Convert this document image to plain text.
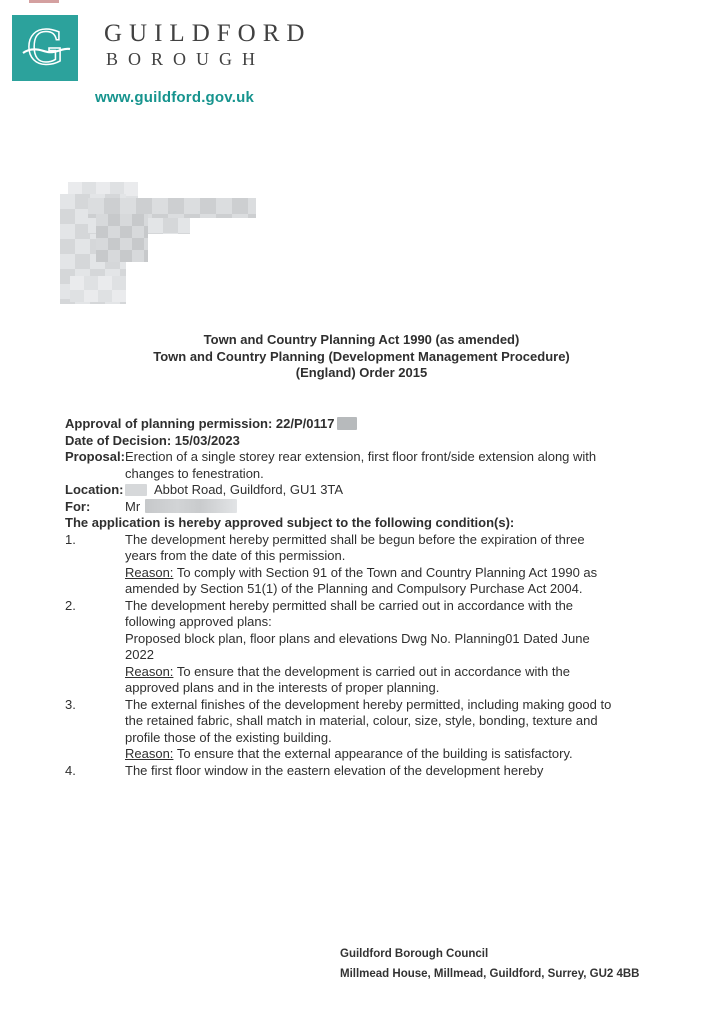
G GUILDFORD
BOROUGH
www.guildford.gov.uk
Town and Country Planning Act 1990 (as amended)
Town and Country Planning (Development Management Procedure)
(England) Order 2015

Approval of planning permission: 22/P/0117

Date of Decision: 15/03/2023

Proposal: Erection of a single storey rear extension, first floor front/side extension along with changes to fenestration.
Location:	Abbot Road, Guildford, GU1 3TA
For:	Mr

The application is hereby approved subject to the following condition(s):

1.	The development hereby permitted shall be begun before the expiration of three years from the date of this permission.

Reason: To comply with Section 91 of the Town and Country Planning Act 1990 as amended by Section 51(1) of the Planning and Compulsory Purchase Act 2004.

2.	The development hereby permitted shall be carried out in accordance with the following approved plans:

Proposed block plan, floor plans and elevations Dwg No. Planning01 Dated June 2022

Reason: To ensure that the development is carried out in accordance with the approved plans and in the interests of proper planning.

3.	The external finishes of the development hereby permitted, including making good to the retained fabric, shall match in material, colour, size, style, bonding, texture and profile those of the existing building.

Reason: To ensure that the external appearance of the building is satisfactory.

4.	The first floor window in the eastern elevation of the development hereby

Guildford Borough Council
Millmead House, Millmead, Guildford, Surrey, GU2 4BB
